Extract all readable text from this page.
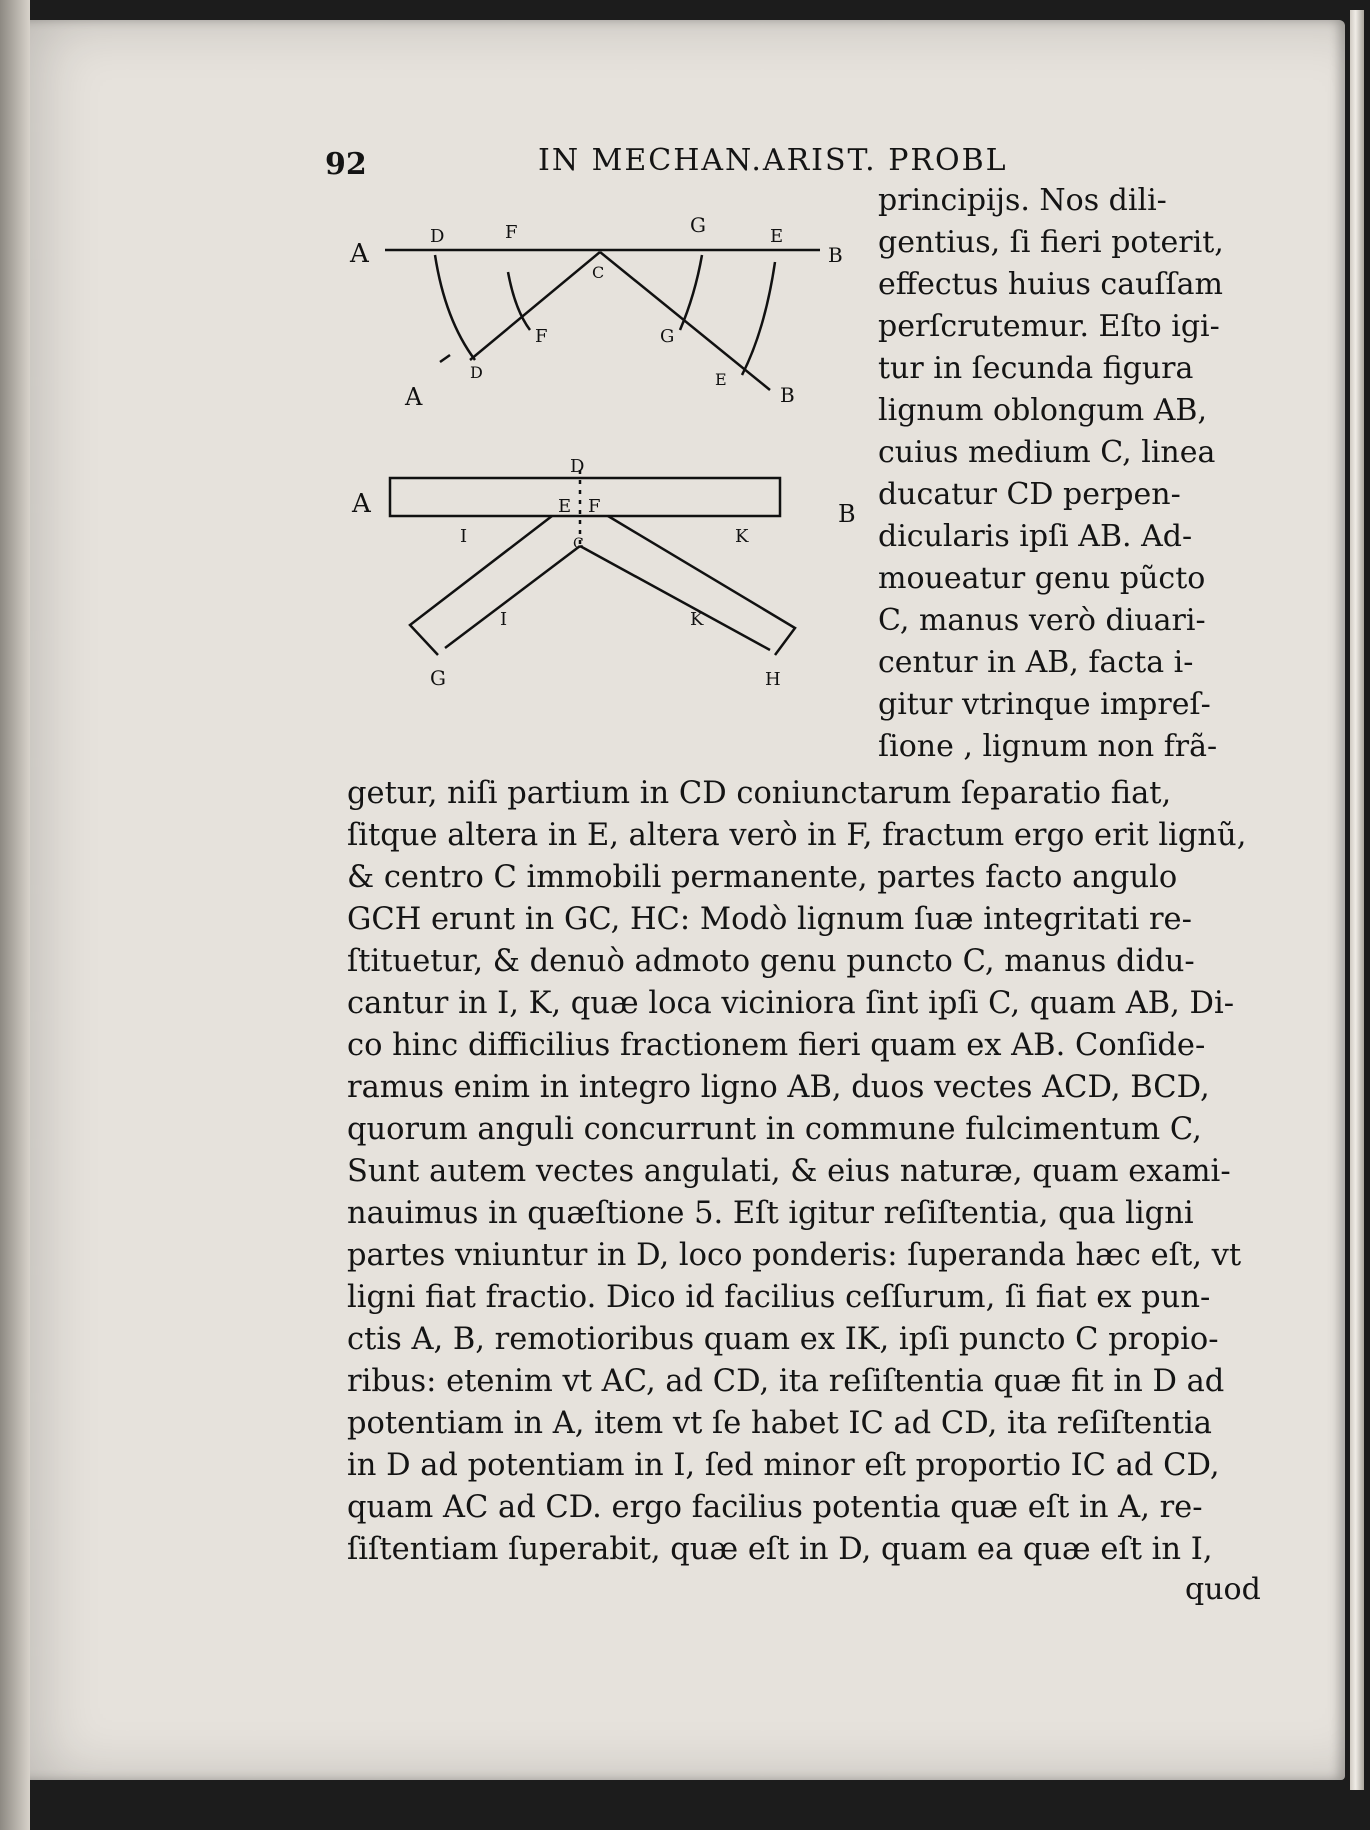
92	IN MECHAN.ARIST. PROBL
A
D	F	G	E
B
C
F	G
A
D	E
B
D
A	B
E F
I	C	K
I	K
G	H
principijs. Nos dili-
gentius, ſi fieri poterit,
effectus huius cauſſam
perſcrutemur. Eſto igi-
tur in ſecunda figura
lignum oblongum AB,
cuius medium C, linea
ducatur CD perpen-
dicularis ipſi AB. Ad-
moueatur genu pũcto
C, manus verò diuari-
centur in AB, facta i-
gitur vtrinque impreſ-
ſione , lignum non frã-
getur, niſi partium in CD coniunctarum ſeparatio fiat,
ſitque altera in E, altera verò in F, fractum ergo erit lignũ,
& centro C immobili permanente, partes facto angulo
GCH erunt in GC, HC: Modò lignum ſuæ integritati re-
ſtituetur, & denuò admoto genu puncto C, manus didu-
cantur in I, K, quæ loca viciniora ſint ipſi C, quam AB, Di-
co hinc difficilius fractionem fieri quam ex AB. Conſide-
ramus enim in integro ligno AB, duos vectes ACD, BCD,
quorum anguli concurrunt in commune fulcimentum C,
Sunt autem vectes angulati, & eius naturæ, quam exami-
nauimus in quæſtione 5. Eſt igitur reſiſtentia, qua ligni
partes vniuntur in D, loco ponderis: ſuperanda hæc eſt, vt
ligni fiat fractio. Dico id facilius ceſſurum, ſi fiat ex pun-
ctis A, B, remotioribus quam ex IK, ipſi puncto C propio-
ribus: etenim vt AC, ad CD, ita reſiſtentia quæ fit in D ad
potentiam in A, item vt ſe habet IC ad CD, ita reſiſtentia
in D ad potentiam in I, ſed minor eſt proportio IC ad CD,
quam AC ad CD. ergo facilius potentia quæ eſt in A, re-
ſiſtentiam ſuperabit, quæ eſt in D, quam ea quæ eſt in I,
quod
